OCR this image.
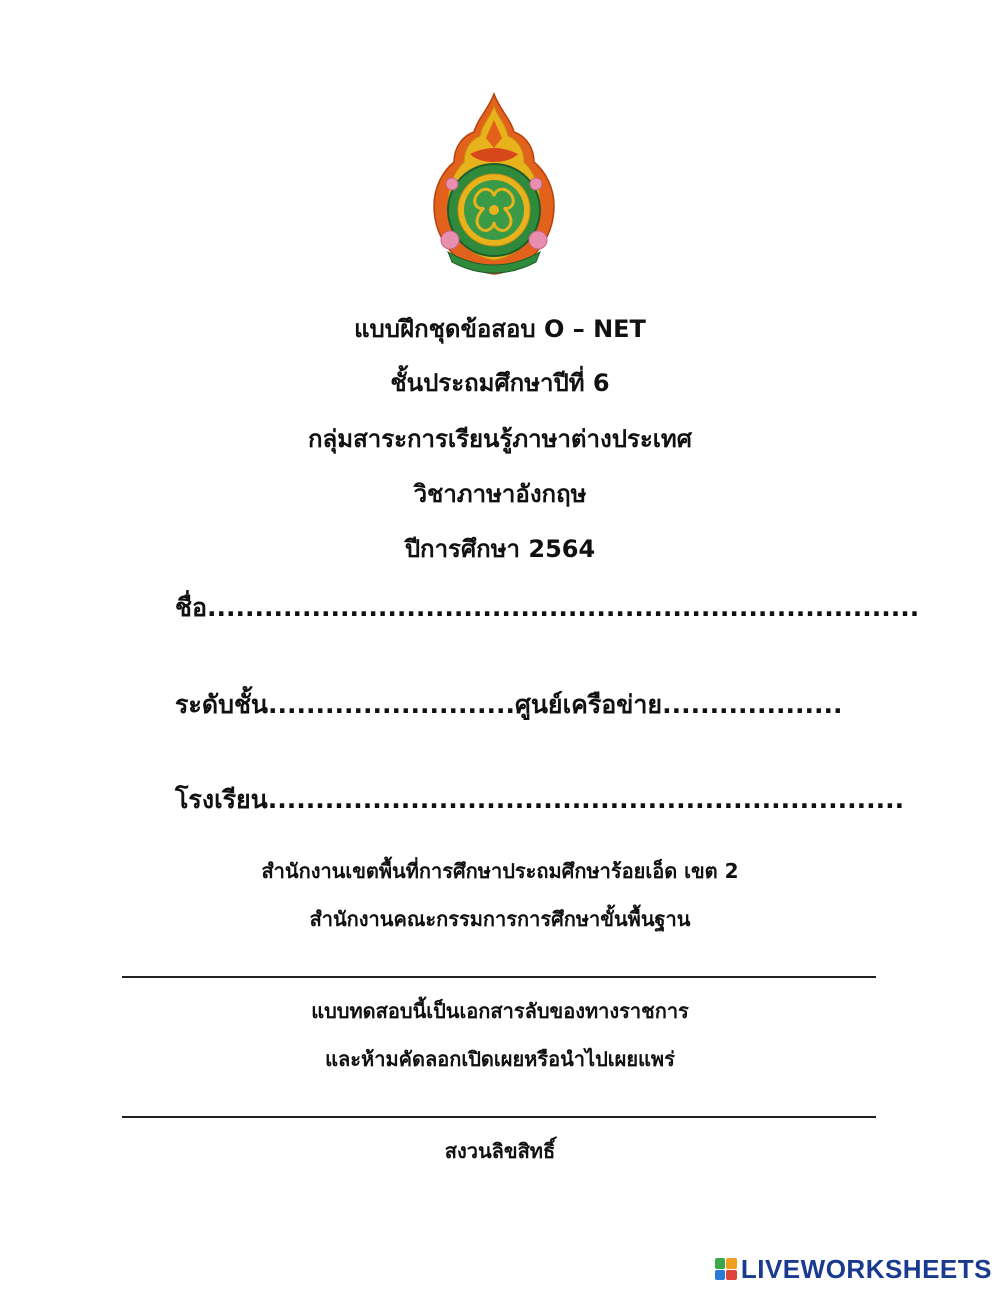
แบบฝึกชุดข้อสอบ O – NET
ชั้นประถมศึกษาปีที่ 6
กลุ่มสาระการเรียนรู้ภาษาต่างประเทศ
วิชาภาษาอังกฤษ
ปีการศึกษา 2564
ชื่อ...........................................................................
ระดับชั้น..........................ศูนย์เครือข่าย...................
โรงเรียน...................................................................
สำนักงานเขตพื้นที่การศึกษาประถมศึกษาร้อยเอ็ด เขต 2
สำนักงานคณะกรรมการการศึกษาขั้นพื้นฐาน
แบบทดสอบนี้เป็นเอกสารลับของทางราชการ
และห้ามคัดลอกเปิดเผยหรือนำไปเผยแพร่
สงวนลิขสิทธิ์
LIVEWORKSHEETS
